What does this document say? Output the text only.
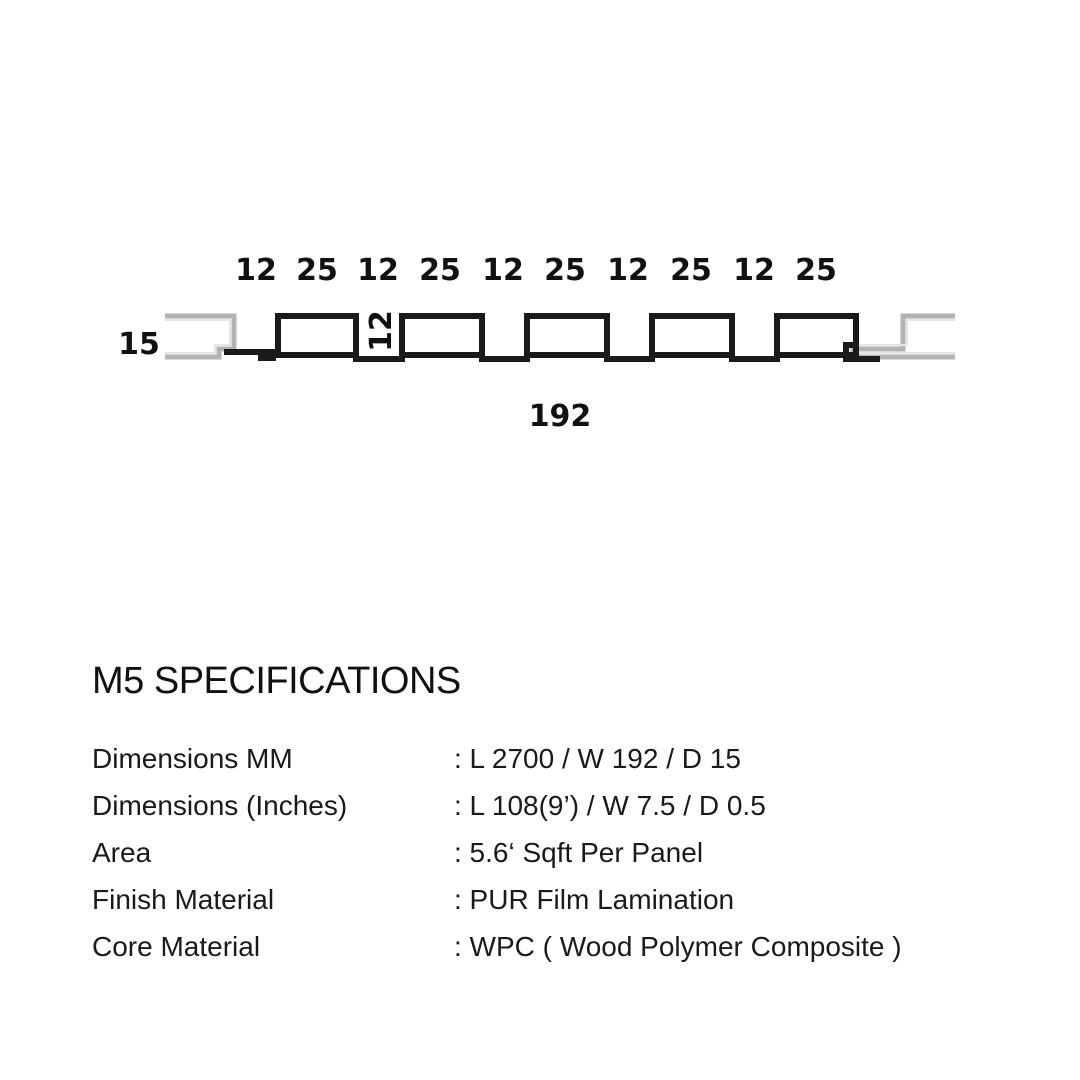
12 25 12 25 12 25 12 25 12 25
15	12
192
M5 SPECIFICATIONS
Dimensions MM	: L 2700 / W 192 / D 15
Dimensions (Inches)	: L 108(9’) / W 7.5 / D 0.5
Area	: 5.6‘ Sqft Per Panel
Finish Material	: PUR Film Lamination
Core Material	: WPC ( Wood Polymer Composite )
